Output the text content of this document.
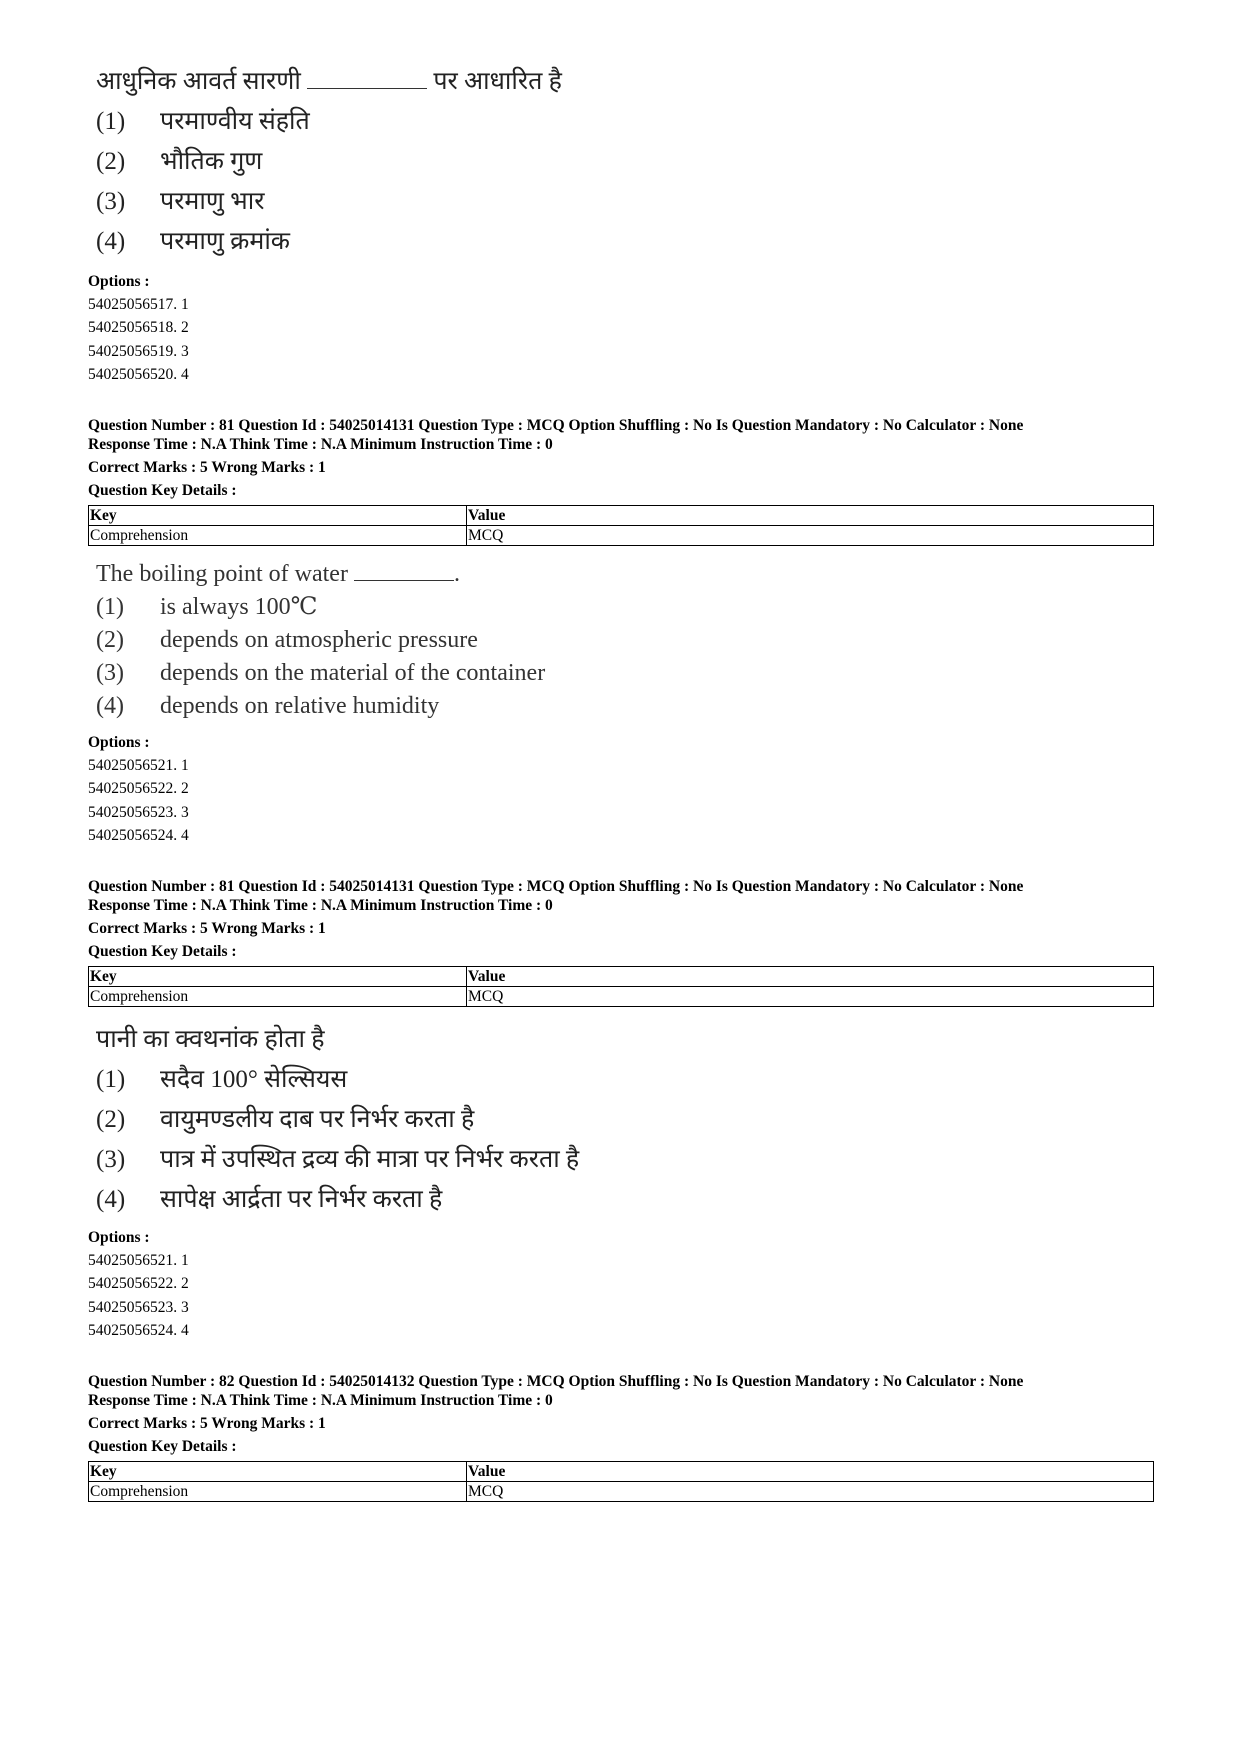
आधुनिक आवर्त सारणी	पर आधारित है
(1) परमाण्वीय संहति
(2) भौतिक गुण
(3) परमाणु भार
(4) परमाणु क्रमांक
Options :
54025056517. 1
54025056518. 2
54025056519. 3
54025056520. 4
Question Number : 81 Question Id : 54025014131 Question Type : MCQ Option Shuffling : No Is Question Mandatory : No Calculator : None
Response Time : N.A Think Time : N.A Minimum Instruction Time : 0
Correct Marks : 5 Wrong Marks : 1
Question Key Details :
Key	Value
Comprehension	MCQ
The boiling point of water	.
(1) is always 100℃
(2) depends on atmospheric pressure
(3) depends on the material of the container
(4) depends on relative humidity
Options :
54025056521. 1
54025056522. 2
54025056523. 3
54025056524. 4
Question Number : 81 Question Id : 54025014131 Question Type : MCQ Option Shuffling : No Is Question Mandatory : No Calculator : None
Response Time : N.A Think Time : N.A Minimum Instruction Time : 0
Correct Marks : 5 Wrong Marks : 1
Question Key Details :
Key	Value
Comprehension	MCQ
पानी का क्वथनांक होता है
(1) सदैव 100° सेल्सियस
(2) वायुमण्डलीय दाब पर निर्भर करता है
(3) पात्र में उपस्थित द्रव्य की मात्रा पर निर्भर करता है
(4) सापेक्ष आर्द्रता पर निर्भर करता है
Options :
54025056521. 1
54025056522. 2
54025056523. 3
54025056524. 4
Question Number : 82 Question Id : 54025014132 Question Type : MCQ Option Shuffling : No Is Question Mandatory : No Calculator : None
Response Time : N.A Think Time : N.A Minimum Instruction Time : 0
Correct Marks : 5 Wrong Marks : 1
Question Key Details :
Key	Value
Comprehension	MCQ
